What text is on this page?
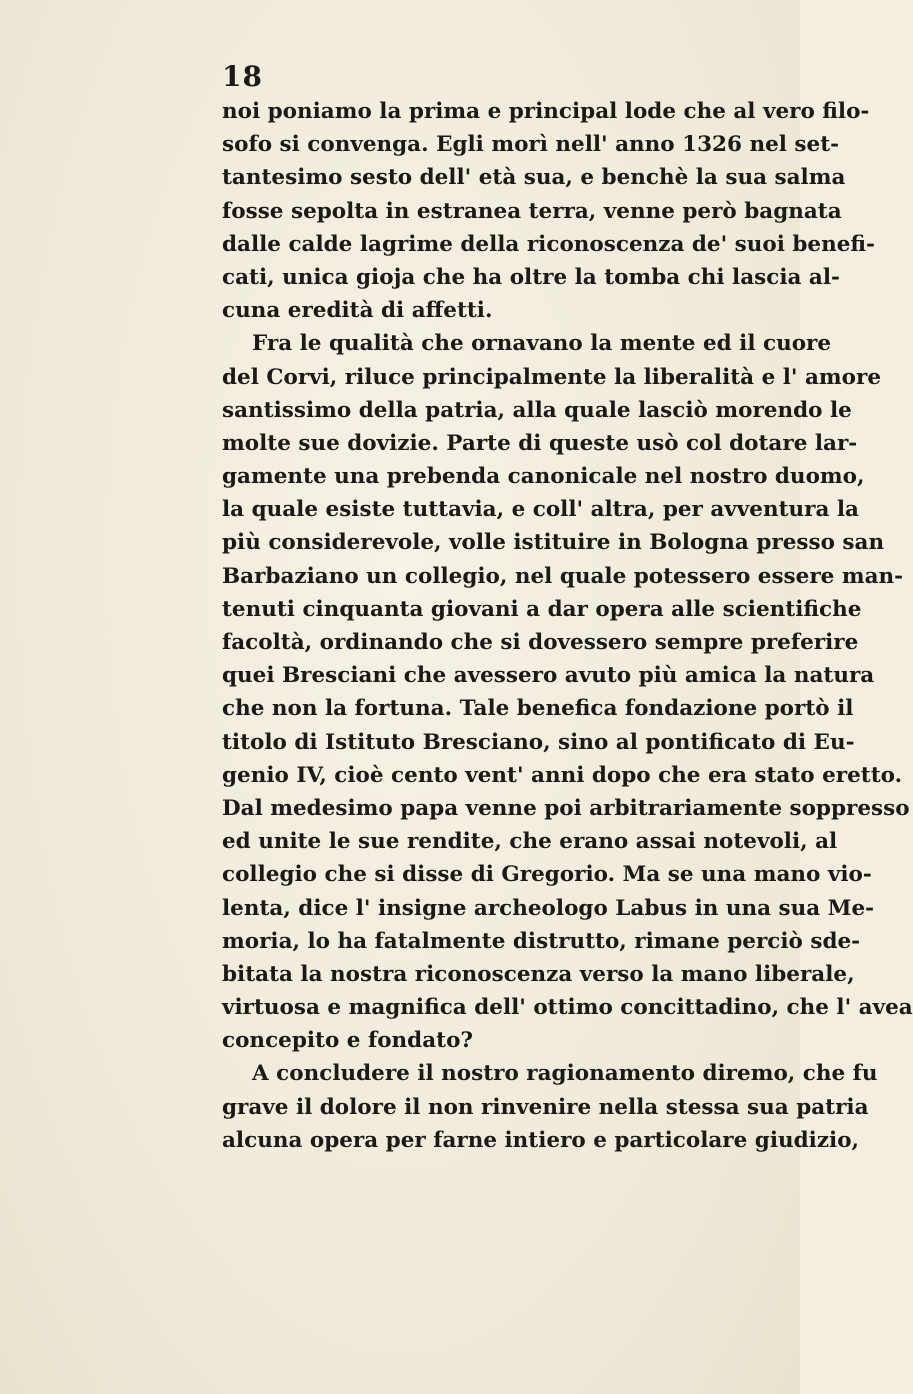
18
noi poniamo la prima e principal lode che al vero filo-
sofo si convenga. Egli morì nell' anno 1326 nel set-
tantesimo sesto dell' età sua, e benchè la sua salma
fosse sepolta in estranea terra, venne però bagnata
dalle calde lagrime della riconoscenza de' suoi benefi-
cati, unica gioja che ha oltre la tomba chi lascia al-
cuna eredità di affetti.
Fra le qualità che ornavano la mente ed il cuore
del Corvi, riluce principalmente la liberalità e l' amore
santissimo della patria, alla quale lasciò morendo le
molte sue dovizie. Parte di queste usò col dotare lar-
gamente una prebenda canonicale nel nostro duomo,
la quale esiste tuttavia, e coll' altra, per avventura la
più considerevole, volle istituire in Bologna presso san
Barbaziano un collegio, nel quale potessero essere man-
tenuti cinquanta giovani a dar opera alle scientifiche
facoltà, ordinando che si dovessero sempre preferire
quei Bresciani che avessero avuto più amica la natura
che non la fortuna. Tale benefica fondazione portò il
titolo di Istituto Bresciano, sino al pontificato di Eu-
genio IV, cioè cento vent' anni dopo che era stato eretto.
Dal medesimo papa venne poi arbitrariamente soppresso
ed unite le sue rendite, che erano assai notevoli, al
collegio che si disse di Gregorio. Ma se una mano vio-
lenta, dice l' insigne archeologo Labus in una sua Me-
moria, lo ha fatalmente distrutto, rimane perciò sde-
bitata la nostra riconoscenza verso la mano liberale,
virtuosa e magnifica dell' ottimo concittadino, che l' avea
concepito e fondato?
A concludere il nostro ragionamento diremo, che fu
grave il dolore il non rinvenire nella stessa sua patria
alcuna opera per farne intiero e particolare giudizio,
